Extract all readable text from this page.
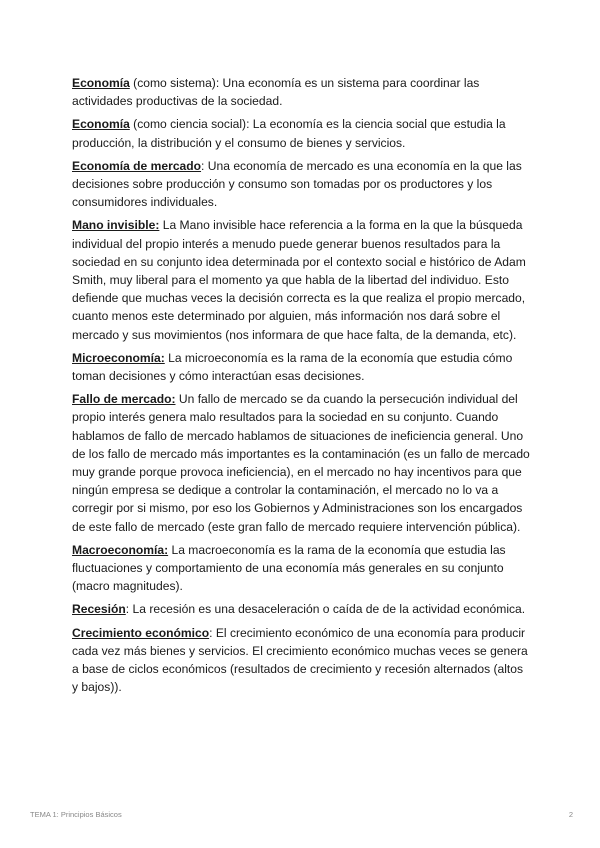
Economía (como sistema): Una economía es un sistema para coordinar las actividades productivas de la sociedad.

Economía (como ciencia social): La economía es la ciencia social que estudia la producción, la distribución y el consumo de bienes y servicios.

Economía de mercado: Una economía de mercado es una economía en la que las decisiones sobre producción y consumo son tomadas por os productores y los consumidores individuales.

Mano invisible: La Mano invisible hace referencia a la forma en la que la búsqueda individual del propio interés a menudo puede generar buenos resultados para la sociedad en su conjunto idea determinada por el contexto social e histórico de Adam Smith, muy liberal para el momento ya que habla de la libertad del individuo. Esto defiende que muchas veces la decisión correcta es la que realiza el propio mercado, cuanto menos este determinado por alguien, más información nos dará sobre el mercado y sus movimientos (nos informara de que hace falta, de la demanda, etc).

Microeconomía: La microeconomía es la rama de la economía que estudia cómo toman decisiones y cómo interactúan esas decisiones.

Fallo de mercado: Un fallo de mercado se da cuando la persecución individual del propio interés genera malo resultados para la sociedad en su conjunto. Cuando hablamos de fallo de mercado hablamos de situaciones de ineficiencia general. Uno de los fallo de mercado más importantes es la contaminación (es un fallo de mercado muy grande porque provoca ineficiencia), en el mercado no hay incentivos para que ningún empresa se dedique a controlar la contaminación, el mercado no lo va a corregir por si mismo, por eso los Gobiernos y Administraciones son los encargados de este fallo de mercado (este gran fallo de mercado requiere intervención pública).

Macroeconomía: La macroeconomía es la rama de la economía que estudia las fluctuaciones y comportamiento de una economía más generales en su conjunto (macro magnitudes).

Recesión: La recesión es una desaceleración o caída de de la actividad económica.

Crecimiento económico: El crecimiento económico de una economía para producir cada vez más bienes y servicios. El crecimiento económico muchas veces se genera a base de ciclos económicos (resultados de crecimiento y recesión alternados (altos y bajos)).

TEMA 1: Principios Básicos	2
